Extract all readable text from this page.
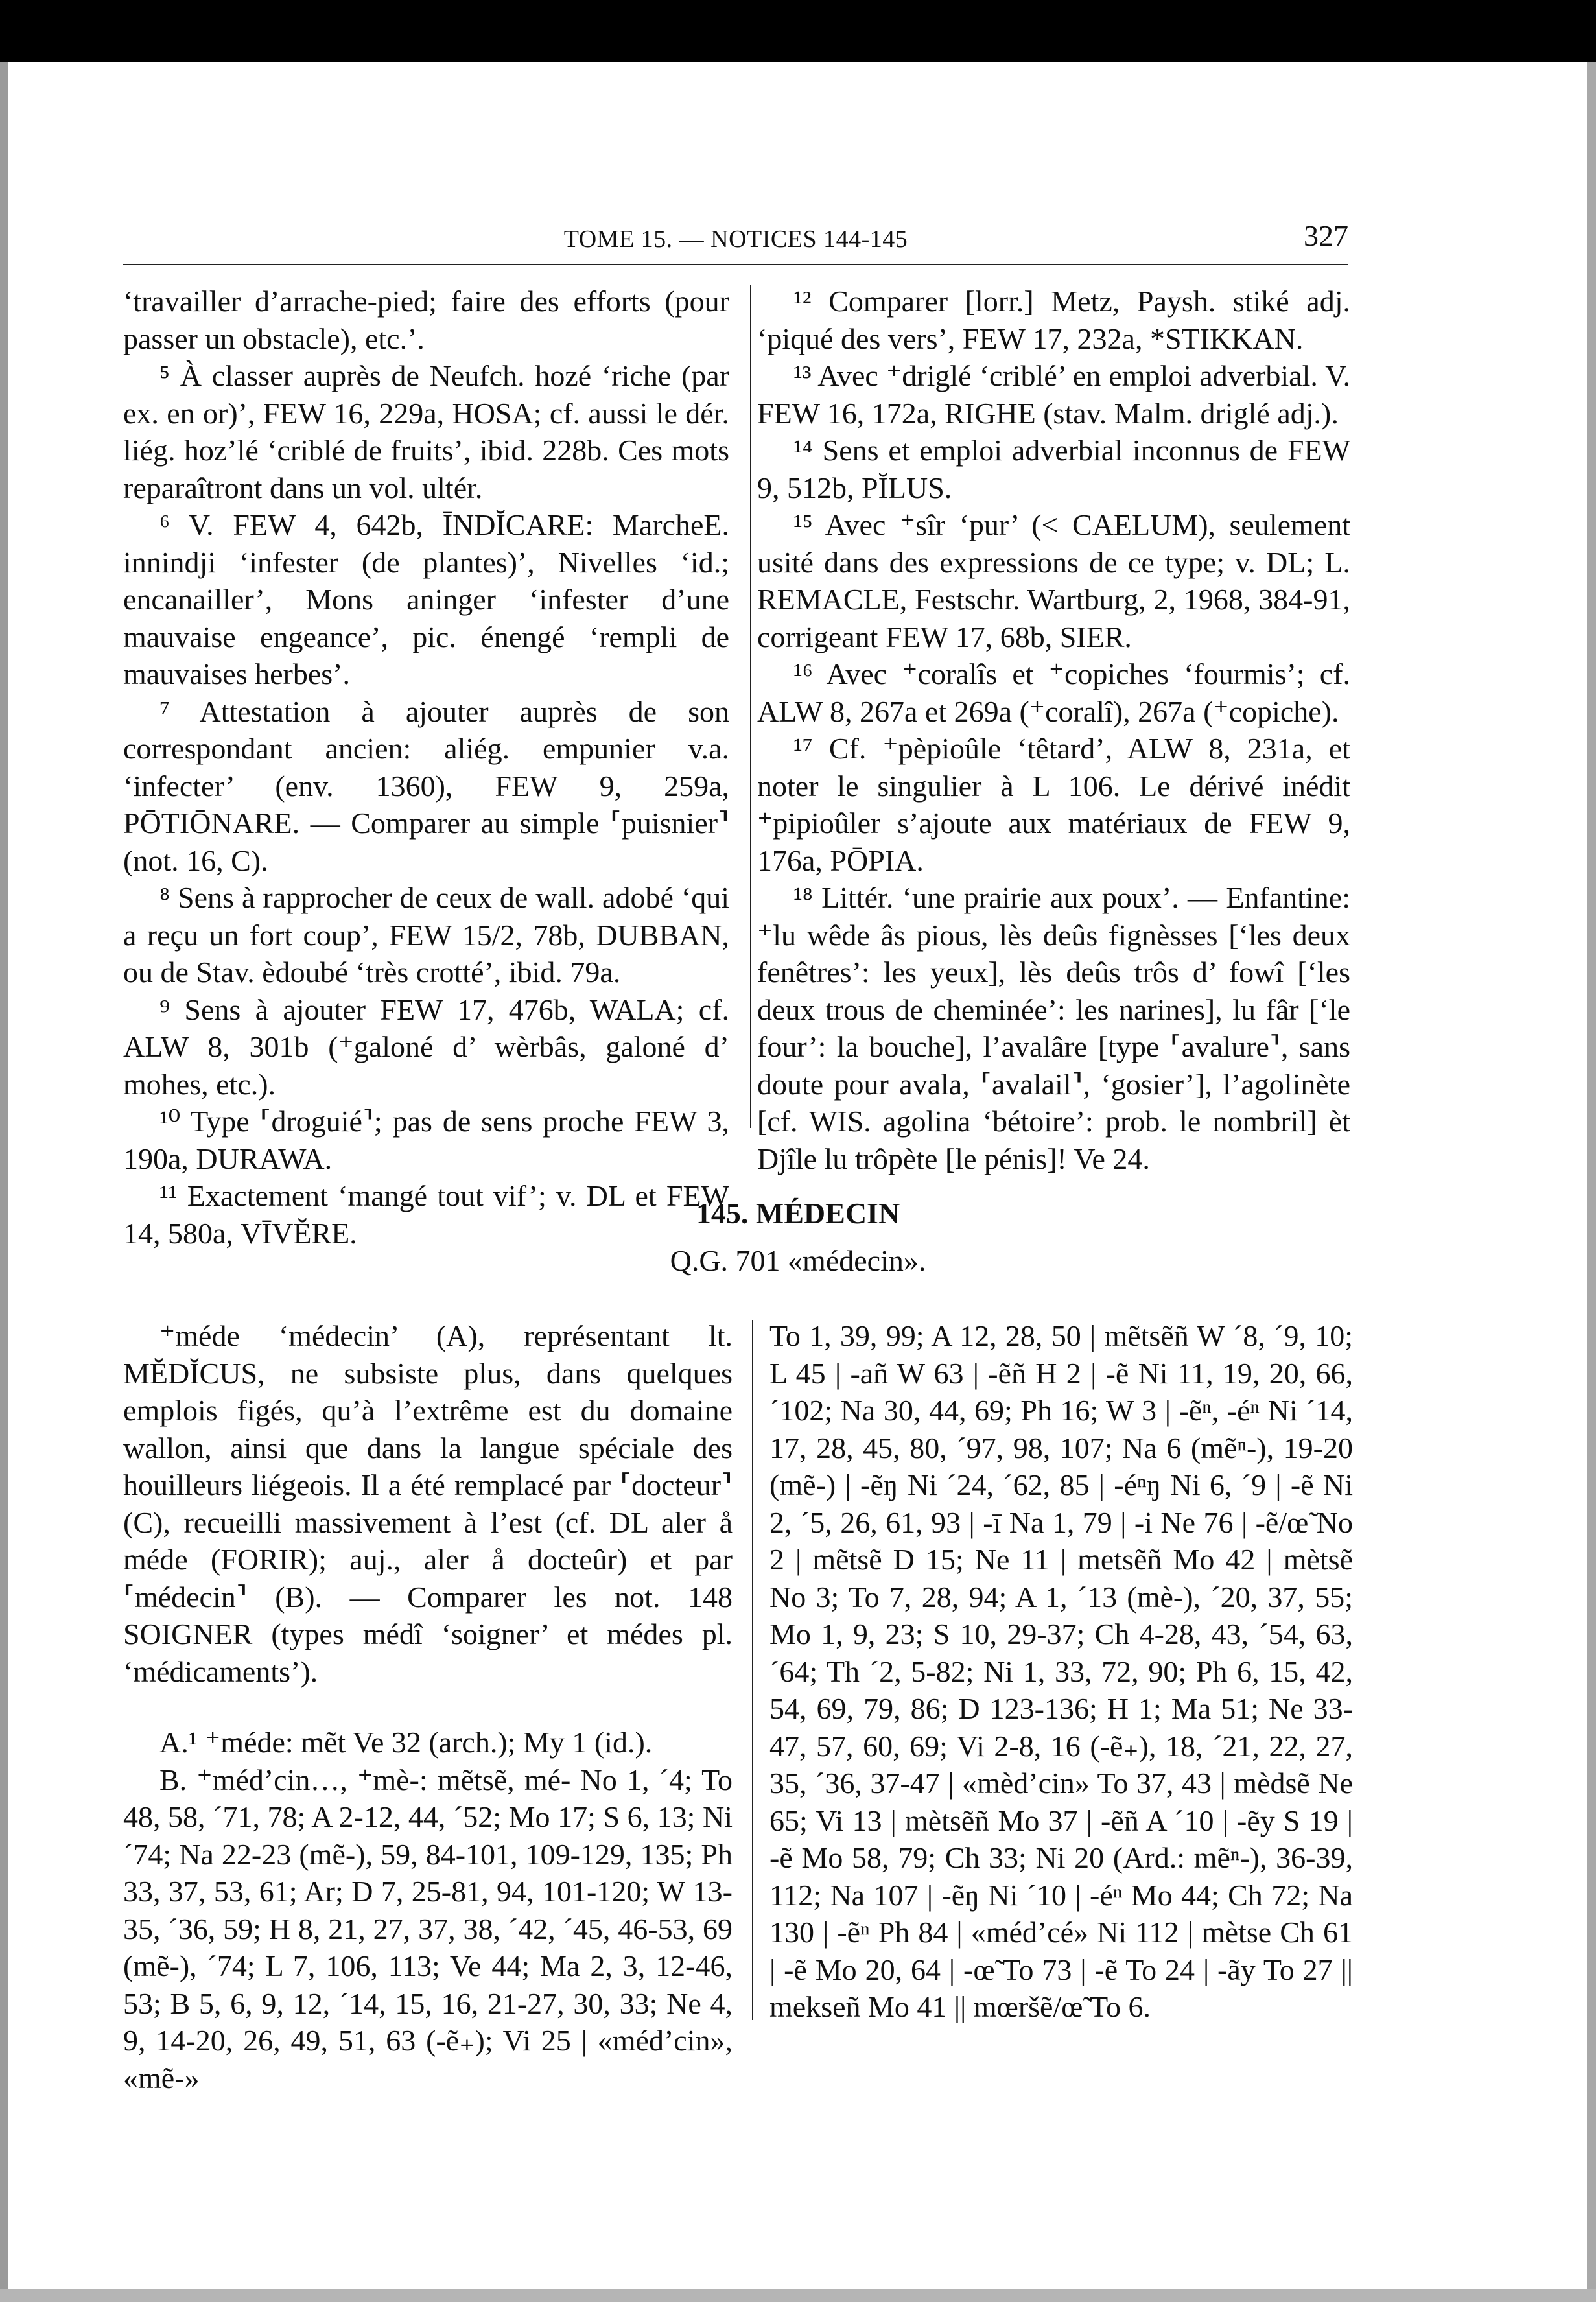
TOME 15. — NOTICES 144-145	327

‘travailler d’arrache-pied; faire des efforts (pour passer un obstacle), etc.’.

⁵ À classer auprès de Neufch. hozé ‘riche (par ex. en or)’, FEW 16, 229a, HOSA; cf. aussi le dér. liég. hoz’lé ‘criblé de fruits’, ibid. 228b. Ces mots reparaîtront dans un vol. ultér.

⁶ V. FEW 4, 642b, ĪNDĬCARE: MarcheE. innindji ‘infester (de plantes)’, Nivelles ‘id.; encanailler’, Mons aninger ‘infester d’une mauvaise engeance’, pic. énengé ‘rempli de mauvaises herbes’.

⁷ Attestation à ajouter auprès de son correspondant ancien: aliég. empunier v.a. ‘infecter’ (env. 1360), FEW 9, 259a, PŌTIŌNARE. — Comparer au simple ⸢puisnier⸣ (not. 16, C).

⁸ Sens à rapprocher de ceux de wall. adobé ‘qui a reçu un fort coup’, FEW 15/2, 78b, DUBBAN, ou de Stav. èdoubé ‘très crotté’, ibid. 79a.

⁹ Sens à ajouter FEW 17, 476b, WALA; cf. ALW 8, 301b (⁺galoné d’ wèrbâs, galoné d’ mohes, etc.).

¹⁰ Type ⸢droguié⸣; pas de sens proche FEW 3, 190a, DURAWA.

¹¹ Exactement ‘mangé tout vif’; v. DL et FEW 14, 580a, VĪVĔRE.

¹² Comparer [lorr.] Metz, Paysh. stiké adj. ‘piqué des vers’, FEW 17, 232a, *STIKKAN.

¹³ Avec ⁺driglé ‘criblé’ en emploi adverbial. V. FEW 16, 172a, RIGHE (stav. Malm. driglé adj.).

¹⁴ Sens et emploi adverbial inconnus de FEW 9, 512b, PĬLUS.

¹⁵ Avec ⁺sîr ‘pur’ (< CAELUM), seulement usité dans des expressions de ce type; v. DL; L. REMACLE, Festschr. Wartburg, 2, 1968, 384-91, corrigeant FEW 17, 68b, SIER.

¹⁶ Avec ⁺coralîs et ⁺copiches ‘fourmis’; cf. ALW 8, 267a et 269a (⁺coralî), 267a (⁺copiche).

¹⁷ Cf. ⁺pèpioûle ‘têtard’, ALW 8, 231a, et noter le singulier à L 106. Le dérivé inédit ⁺pipioûler s’ajoute aux matériaux de FEW 9, 176a, PŌPIA.

¹⁸ Littér. ‘une prairie aux poux’. — Enfantine: ⁺lu wêde âs pious, lès deûs fignèsses [‘les deux fenêtres’: les yeux], lès deûs trôs d’ fowî [‘les deux trous de cheminée’: les narines], lu fâr [‘le four’: la bouche], l’avalâre [type ⸢avalure⸣, sans doute pour avala, ⸢avalail⸣, ‘gosier’], l’agolinète [cf. WIS. agolina ‘bétoire’: prob. le nombril] èt Djîle lu trôpète [le pénis]! Ve 24.

145. MÉDECIN
Q.G. 701 «médecin».

⁺méde ‘médecin’ (A), représentant lt. MĔDĬCUS, ne subsiste plus, dans quelques emplois figés, qu’à l’extrême est du domaine wallon, ainsi que dans la langue spéciale des houilleurs liégeois. Il a été remplacé par ⸢docteur⸣ (C), recueilli massivement à l’est (cf. DL aler å méde (FORIR); auj., aler å docteûr) et par ⸢médecin⸣ (B). — Comparer les not. 148 SOIGNER (types médî ‘soigner’ et médes pl. ‘médicaments’).

A.¹ ⁺méde: mẽt Ve 32 (arch.); My 1 (id.).

B. ⁺méd’cin…, ⁺mè-: mẽtsẽ, mé- No 1, ´4; To 48, 58, ´71, 78; A 2-12, 44, ´52; Mo 17; S 6, 13; Ni ´74; Na 22-23 (mẽ-), 59, 84-101, 109-129, 135; Ph 33, 37, 53, 61; Ar; D 7, 25-81, 94, 101-120; W 13-35, ´36, 59; H 8, 21, 27, 37, 38, ´42, ´45, 46-53, 69 (mẽ-), ´74; L 7, 106, 113; Ve 44; Ma 2, 3, 12-46, 53; B 5, 6, 9, 12, ´14, 15, 16, 21-27, 30, 33; Ne 4, 9, 14-20, 26, 49, 51, 63 (-ẽ₊); Vi 25 | «méd’cin», «mẽ-»

To 1, 39, 99; A 12, 28, 50 | mẽtsẽñ W ´8, ´9, 10; L 45 | -añ W 63 | -ẽñ H 2 | -ẽ Ni 11, 19, 20, 66, ´102; Na 30, 44, 69; Ph 16; W 3 | -ẽⁿ, -éⁿ Ni ´14, 17, 28, 45, 80, ´97, 98, 107; Na 6 (mẽⁿ-), 19-20 (mẽ-) | -ẽŋ Ni ´24, ´62, 85 | -éⁿŋ Ni 6, ´9 | -ẽ Ni 2, ´5, 26, 61, 93 | -ī Na 1, 79 | -i Ne 76 | -ẽ/œ̃ No 2 | mẽtsẽ D 15; Ne 11 | metsẽñ Mo 42 | mètsẽ No 3; To 7, 28, 94; A 1, ´13 (mè-), ´20, 37, 55; Mo 1, 9, 23; S 10, 29-37; Ch 4-28, 43, ´54, 63, ´64; Th ´2, 5-82; Ni 1, 33, 72, 90; Ph 6, 15, 42, 54, 69, 79, 86; D 123-136; H 1; Ma 51; Ne 33-47, 57, 60, 69; Vi 2-8, 16 (-ẽ₊), 18, ´21, 22, 27, 35, ´36, 37-47 | «mèd’cin» To 37, 43 | mèdsẽ Ne 65; Vi 13 | mètsẽñ Mo 37 | -ẽñ A ´10 | -ẽy S 19 | -ẽ Mo 58, 79; Ch 33; Ni 20 (Ard.: mẽⁿ-), 36-39, 112; Na 107 | -ẽŋ Ni ´10 | -éⁿ Mo 44; Ch 72; Na 130 | -ẽⁿ Ph 84 | «méd’cé» Ni 112 | mètse Ch 61 | -ẽ Mo 20, 64 | -œ̃ To 73 | -ẽ To 24 | -ãy To 27 || mekseñ Mo 41 || mœršẽ/œ̃ To 6.
